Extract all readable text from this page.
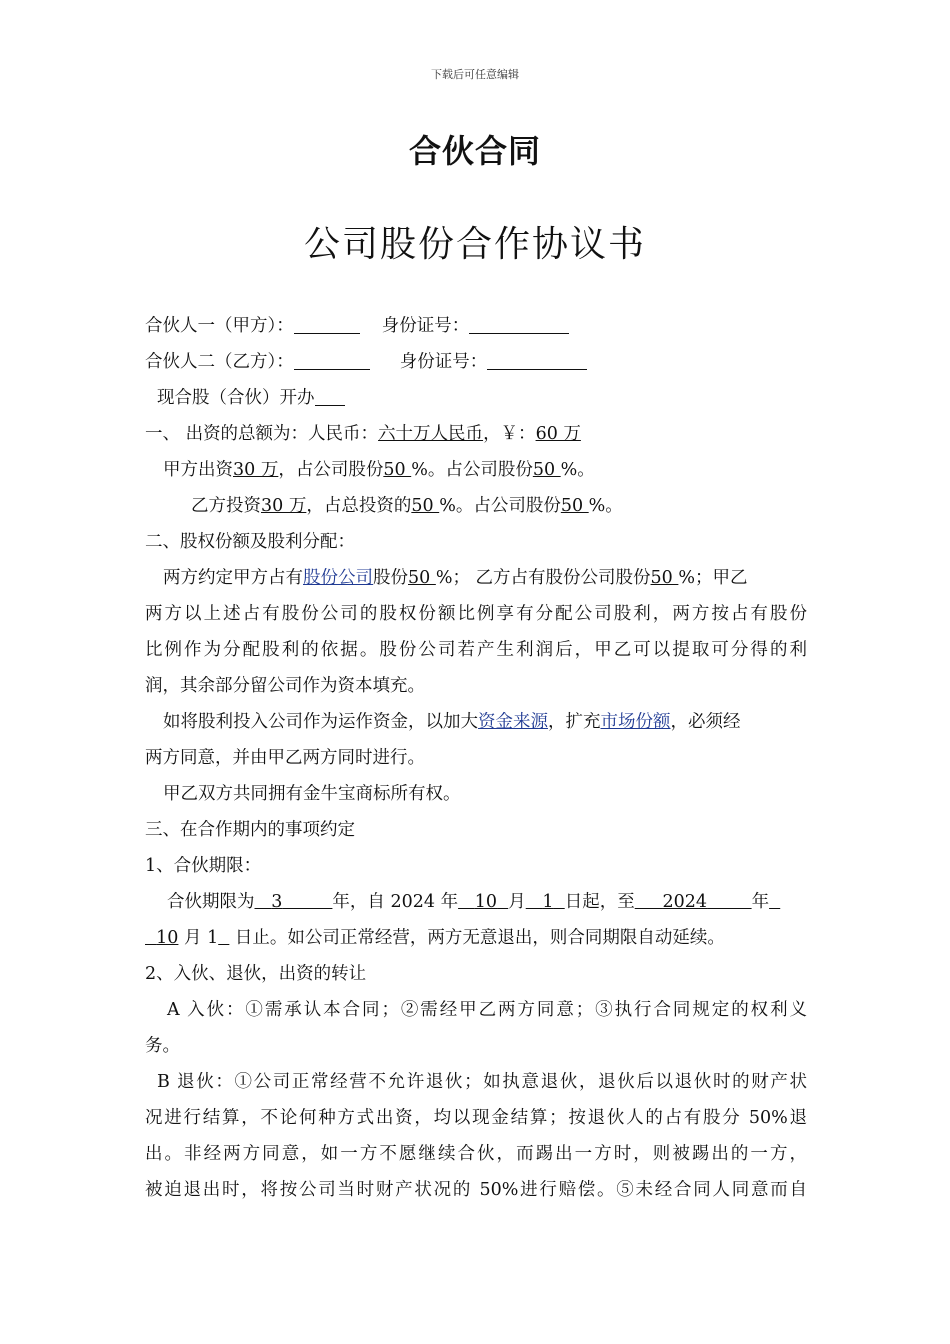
下载后可任意编辑
合伙合同
公司股份合作协议书
合伙人一（甲方）：	身份证号：
合伙人二（乙方）：	身份证号：
现合股（合伙）开办
一、 出资的总额为：人民币：六十万人民币，￥：60 万
甲方出资30 万，占公司股份50 %。占公司股份50 %。
乙方投资30 万，占总投资的50 %。占公司股份50 %。
二、股权份额及股利分配：
两方约定甲方占有股份公司股份50 %； 乙方占有股份公司股份50 %；甲乙
两方以上述占有股份公司的股权份额比例享有分配公司股利，两方按占有股份
比例作为分配股利的依据。股份公司若产生利润后，甲乙可以提取可分得的利
润，其余部分留公司作为资本填充。
如将股利投入公司作为运作资金，以加大资金来源，扩充市场份额，必须经
两方同意，并由甲乙两方同时进行。
甲乙双方共同拥有金牛宝商标所有权。
三、在合作期内的事项约定
1、合伙期限：
合伙期限为 3	年，自 2024 年 10 月 1 日起，至 2024	年
10 月 1   日止。如公司正常经营，两方无意退出，则合同期限自动延续。
2、入伙、退伙，出资的转让
A 入伙：①需承认本合同；②需经甲乙两方同意；③执行合同规定的权利义
务。
B 退伙：①公司正常经营不允许退伙；如执意退伙，退伙后以退伙时的财产状
况进行结算，不论何种方式出资，均以现金结算；按退伙人的占有股分 50%退
出。非经两方同意，如一方不愿继续合伙，而踢出一方时，则被踢出的一方，
被迫退出时，将按公司当时财产状况的 50%进行赔偿。⑤未经合同人同意而自
